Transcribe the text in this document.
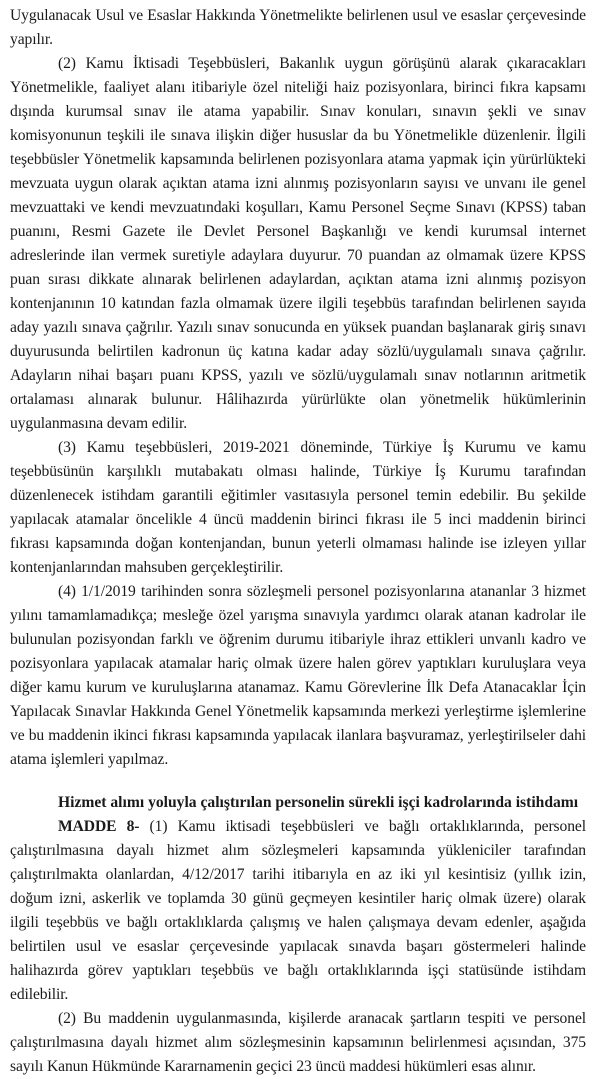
Uygulanacak Usul ve Esaslar Hakkında Yönetmelikte belirlenen usul ve esaslar çerçevesinde yapılır.

(2) Kamu İktisadi Teşebbüsleri, Bakanlık uygun görüşünü alarak çıkaracakları Yönetmelikle, faaliyet alanı itibariyle özel niteliği haiz pozisyonlara, birinci fıkra kapsamı dışında kurumsal sınav ile atama yapabilir. Sınav konuları, sınavın şekli ve sınav komisyonunun teşkili ile sınava ilişkin diğer hususlar da bu Yönetmelikle düzenlenir. İlgili teşebbüsler Yönetmelik kapsamında belirlenen pozisyonlara atama yapmak için yürürlükteki mevzuata uygun olarak açıktan atama izni alınmış pozisyonların sayısı ve unvanı ile genel mevzuattaki ve kendi mevzuatındaki koşulları, Kamu Personel Seçme Sınavı (KPSS) taban puanını, Resmi Gazete ile Devlet Personel Başkanlığı ve kendi kurumsal internet adreslerinde ilan vermek suretiyle adaylara duyurur. 70 puandan az olmamak üzere KPSS puan sırası dikkate alınarak belirlenen adaylardan, açıktan atama izni alınmış pozisyon kontenjanının 10 katından fazla olmamak üzere ilgili teşebbüs tarafından belirlenen sayıda aday yazılı sınava çağrılır. Yazılı sınav sonucunda en yüksek puandan başlanarak giriş sınavı duyurusunda belirtilen kadronun üç katına kadar aday sözlü/uygulamalı sınava çağrılır. Adayların nihai başarı puanı KPSS, yazılı ve sözlü/uygulamalı sınav notlarının aritmetik ortalaması alınarak bulunur. Hâlihazırda yürürlükte olan yönetmelik hükümlerinin uygulanmasına devam edilir.

(3) Kamu teşebbüsleri, 2019-2021 döneminde, Türkiye İş Kurumu ve kamu teşebbüsünün karşılıklı mutabakatı olması halinde, Türkiye İş Kurumu tarafından düzenlenecek istihdam garantili eğitimler vasıtasıyla personel temin edebilir. Bu şekilde yapılacak atamalar öncelikle 4 üncü maddenin birinci fıkrası ile 5 inci maddenin birinci fıkrası kapsamında doğan kontenjandan, bunun yeterli olmaması halinde ise izleyen yıllar kontenjanlarından mahsuben gerçekleştirilir.

(4) 1/1/2019 tarihinden sonra sözleşmeli personel pozisyonlarına atananlar 3 hizmet yılını tamamlamadıkça; mesleğe özel yarışma sınavıyla yardımcı olarak atanan kadrolar ile bulunulan pozisyondan farklı ve öğrenim durumu itibariyle ihraz ettikleri unvanlı kadro ve pozisyonlara yapılacak atamalar hariç olmak üzere halen görev yaptıkları kuruluşlara veya diğer kamu kurum ve kuruluşlarına atanamaz. Kamu Görevlerine İlk Defa Atanacaklar İçin Yapılacak Sınavlar Hakkında Genel Yönetmelik kapsamında merkezi yerleştirme işlemlerine ve bu maddenin ikinci fıkrası kapsamında yapılacak ilanlara başvuramaz, yerleştirilseler dahi atama işlemleri yapılmaz.

Hizmet alımı yoluyla çalıştırılan personelin sürekli işçi kadrolarında istihdamı

MADDE 8- (1) Kamu iktisadi teşebbüsleri ve bağlı ortaklıklarında, personel çalıştırılmasına dayalı hizmet alım sözleşmeleri kapsamında yükleniciler tarafından çalıştırılmakta olanlardan, 4/12/2017 tarihi itibarıyla en az iki yıl kesintisiz (yıllık izin, doğum izni, askerlik ve toplamda 30 günü geçmeyen kesintiler hariç olmak üzere) olarak ilgili teşebbüs ve bağlı ortaklıklarda çalışmış ve halen çalışmaya devam edenler, aşağıda belirtilen usul ve esaslar çerçevesinde yapılacak sınavda başarı göstermeleri halinde halihazırda görev yaptıkları teşebbüs ve bağlı ortaklıklarında işçi statüsünde istihdam edilebilir.

(2) Bu maddenin uygulanmasında, kişilerde aranacak şartların tespiti ve personel çalıştırılmasına dayalı hizmet alım sözleşmesinin kapsamının belirlenmesi açısından, 375 sayılı Kanun Hükmünde Kararnamenin geçici 23 üncü maddesi hükümleri esas alınır.
